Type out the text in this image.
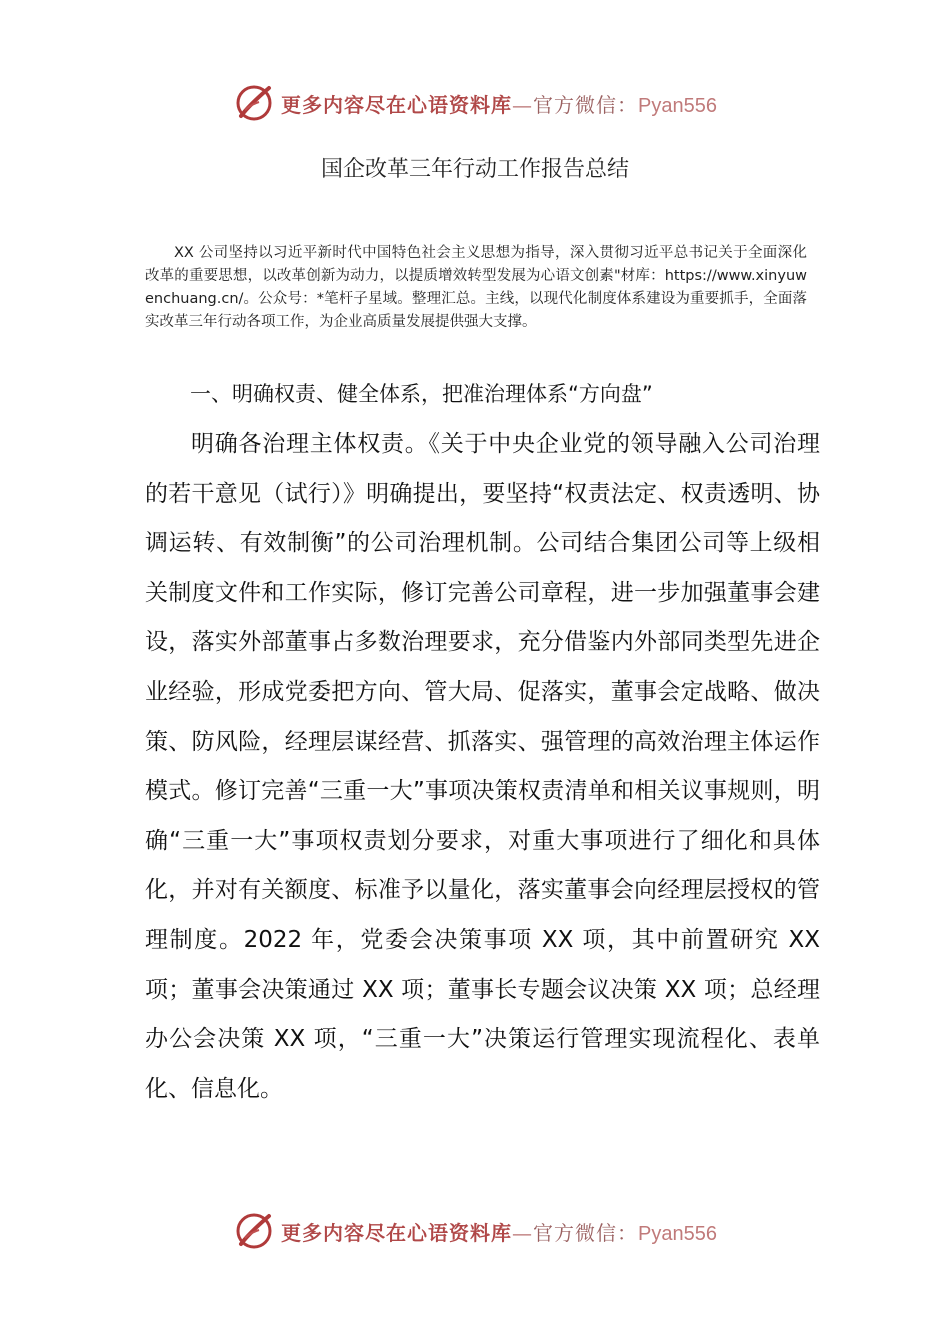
更多内容尽在心语资料库—官方微信：Pyan556
国企改革三年行动工作报告总结
XX 公司坚持以习近平新时代中国特色社会主义思想为指导，深入贯彻习近平总书记关于全面深化改革的重要思想，以改革创新为动力，以提质增效转型发展为心语文创素"材库：https://www.xinyuwenchuang.cn/。公众号：*笔杆子星域。整理汇总。主线，以现代化制度体系建设为重要抓手，全面落实改革三年行动各项工作，为企业高质量发展提供强大支撑。
一、明确权责、健全体系，把准治理体系“方向盘”
明确各治理主体权责。《关于中央企业党的领导融入公司治理的若干意见（试行）》明确提出，要坚持“权责法定、权责透明、协调运转、有效制衡”的公司治理机制。公司结合集团公司等上级相关制度文件和工作实际，修订完善公司章程，进一步加强董事会建设，落实外部董事占多数治理要求，充分借鉴内外部同类型先进企业经验，形成党委把方向、管大局、促落实，董事会定战略、做决策、防风险，经理层谋经营、抓落实、强管理的高效治理主体运作模式。修订完善“三重一大”事项决策权责清单和相关议事规则，明确“三重一大”事项权责划分要求，对重大事项进行了细化和具体化，并对有关额度、标准予以量化，落实董事会向经理层授权的管理制度。2022 年，党委会决策事项 XX 项，其中前置研究 XX 项；董事会决策通过 XX 项；董事长专题会议决策 XX 项；总经理办公会决策 XX 项，“三重一大”决策运行管理实现流程化、表单化、信息化。
更多内容尽在心语资料库—官方微信：Pyan556
